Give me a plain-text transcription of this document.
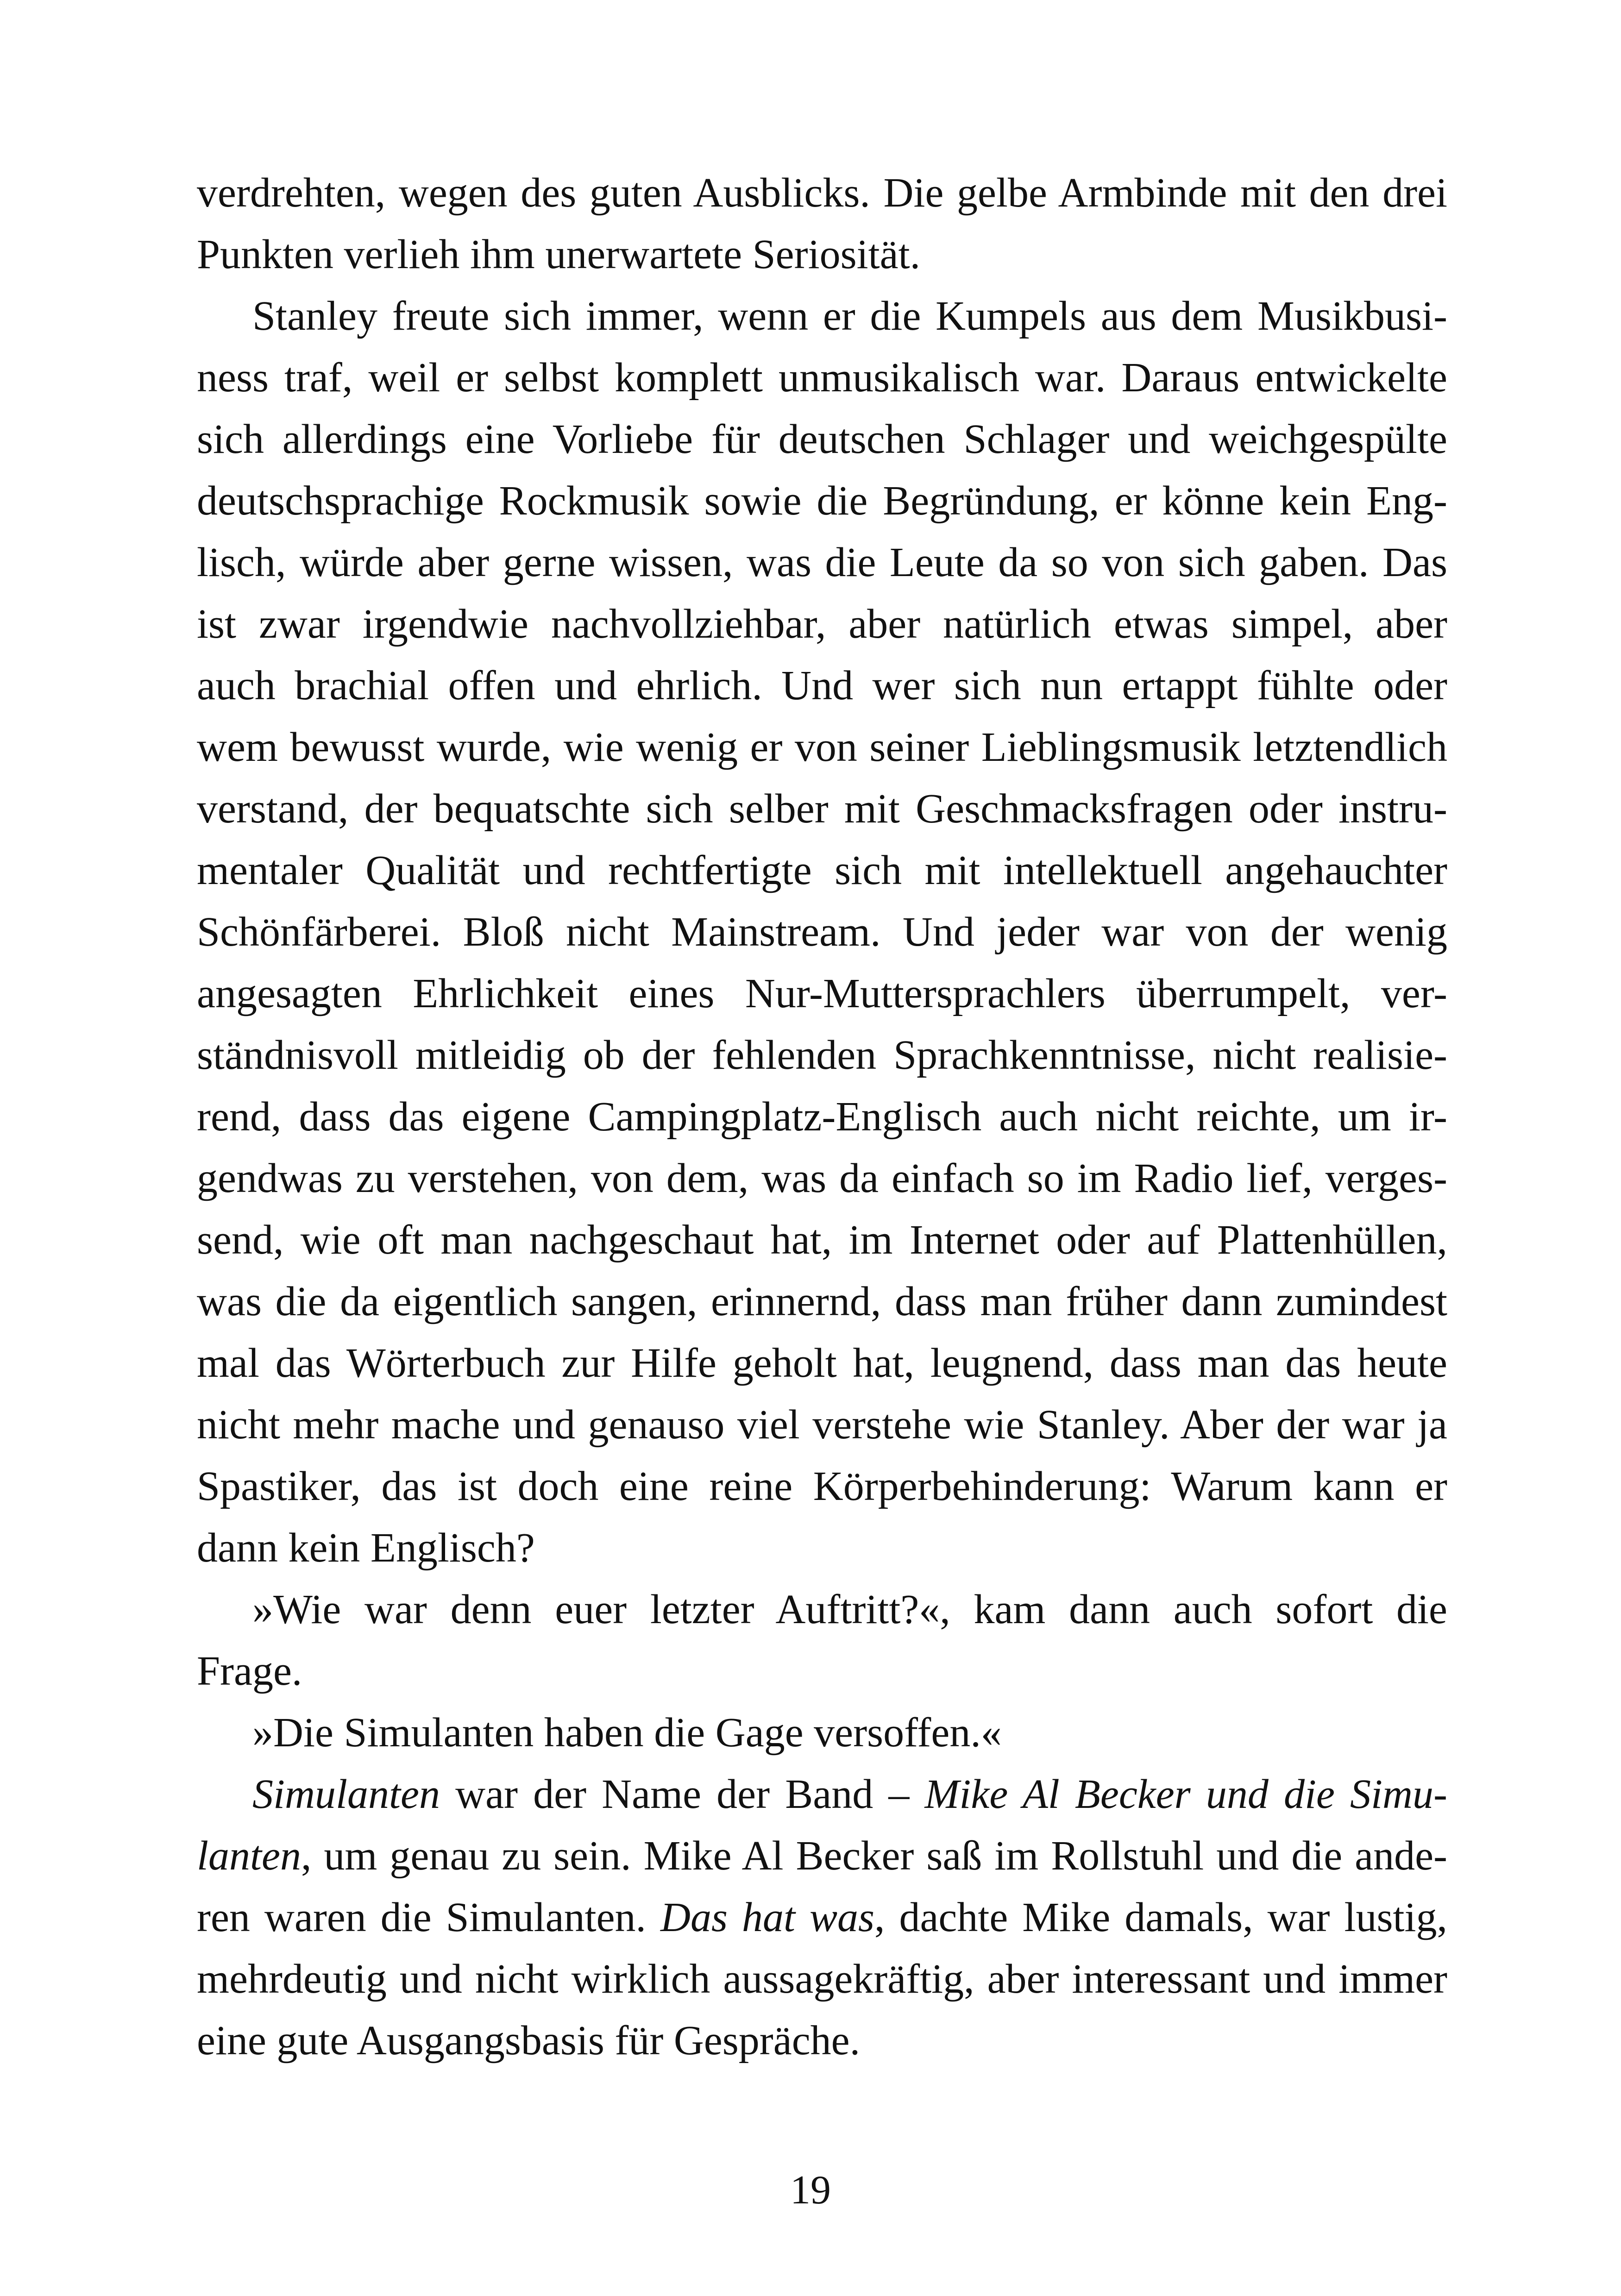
verdrehten, wegen des guten Ausblicks. Die gelbe Armbinde mit den drei
Punkten verlieh ihm unerwartete Seriosität.
Stanley freute sich immer, wenn er die Kumpels aus dem Musikbusi-
ness traf, weil er selbst komplett unmusikalisch war. Daraus entwickelte
sich allerdings eine Vorliebe für deutschen Schlager und weichgespülte
deutschsprachige Rockmusik sowie die Begründung, er könne kein Eng-
lisch, würde aber gerne wissen, was die Leute da so von sich gaben. Das
ist zwar irgendwie nachvollziehbar, aber natürlich etwas simpel, aber
auch brachial offen und ehrlich. Und wer sich nun ertappt fühlte oder
wem bewusst wurde, wie wenig er von seiner Lieblingsmusik letztendlich
verstand, der bequatschte sich selber mit Geschmacksfragen oder instru-
mentaler Qualität und rechtfertigte sich mit intellektuell angehauchter
Schönfärberei. Bloß nicht Mainstream. Und jeder war von der wenig
angesagten Ehrlichkeit eines Nur-Muttersprachlers überrumpelt, ver-
ständnisvoll mitleidig ob der fehlenden Sprachkenntnisse, nicht realisie-
rend, dass das eigene Campingplatz-Englisch auch nicht reichte, um ir-
gendwas zu verstehen, von dem, was da einfach so im Radio lief, verges-
send, wie oft man nachgeschaut hat, im Internet oder auf Plattenhüllen,
was die da eigentlich sangen, erinnernd, dass man früher dann zumindest
mal das Wörterbuch zur Hilfe geholt hat, leugnend, dass man das heute
nicht mehr mache und genauso viel verstehe wie Stanley. Aber der war ja
Spastiker, das ist doch eine reine Körperbehinderung: Warum kann er
dann kein Englisch?
»Wie war denn euer letzter Auftritt?«, kam dann auch sofort die
Frage.
»Die Simulanten haben die Gage versoffen.«
Simulanten war der Name der Band – Mike Al Becker und die Simu-
lanten, um genau zu sein. Mike Al Becker saß im Rollstuhl und die ande-
ren waren die Simulanten. Das hat was, dachte Mike damals, war lustig,
mehrdeutig und nicht wirklich aussagekräftig, aber interessant und immer
eine gute Ausgangsbasis für Gespräche.
19
